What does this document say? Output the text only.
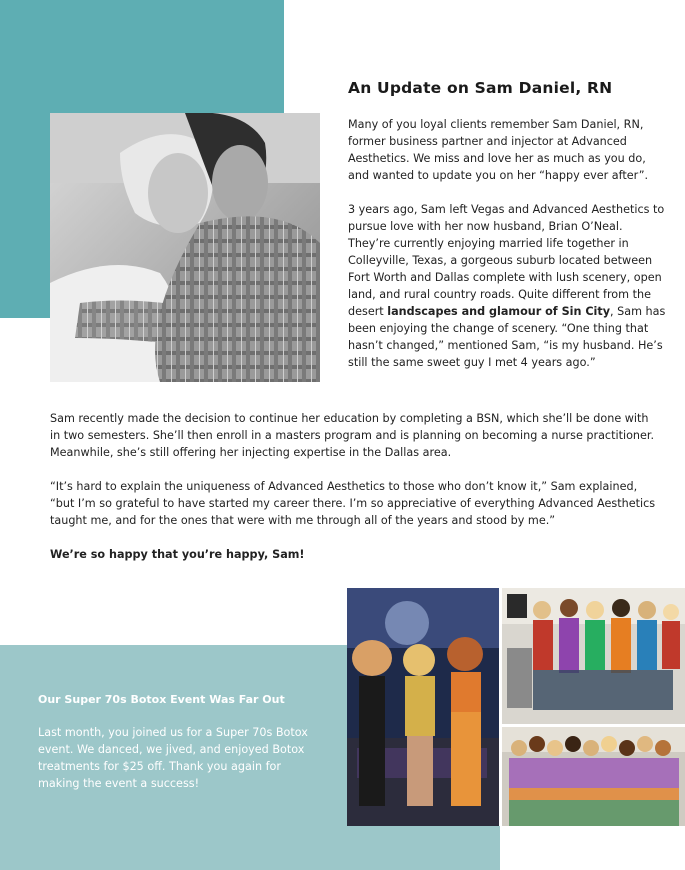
An Update on Sam Daniel, RN

Many of you loyal clients remember Sam Daniel, RN, former business partner and injector at Advanced Aesthetics. We miss and love her as much as you do, and wanted to update you on her “happy ever after”.

3 years ago, Sam left Vegas and Advanced Aesthetics to pursue love with her now husband, Brian O’Neal. They’re currently enjoying married life together in Colleyville, Texas, a gorgeous suburb located between Fort Worth and Dallas complete with lush scenery, open land, and rural country roads. Quite different from the desert landscapes and glamour of Sin City, Sam has been enjoying the change of scenery. “One thing that hasn’t changed,” mentioned Sam, “is my husband. He’s still the same sweet guy I met 4 years ago.”

Sam recently made the decision to continue her education by completing a BSN, which she’ll be done with in two semesters. She’ll then enroll in a masters program and is planning on becoming a nurse practitioner. Meanwhile, she’s still offering her injecting expertise in the Dallas area.

“It’s hard to explain the uniqueness of Advanced Aesthetics to those who don’t know it,” Sam explained, “but I’m so grateful to have started my career there. I’m so appreciative of everything Advanced Aesthetics taught me, and for the ones that were with me through all of the years and stood by me.”

We’re so happy that you’re happy, Sam!

Our Super 70s Botox Event Was Far Out
Last month, you joined us for a Super 70s Botox event. We danced, we jived, and enjoyed Botox treatments for $25 off. Thank you again for making the event a success!
